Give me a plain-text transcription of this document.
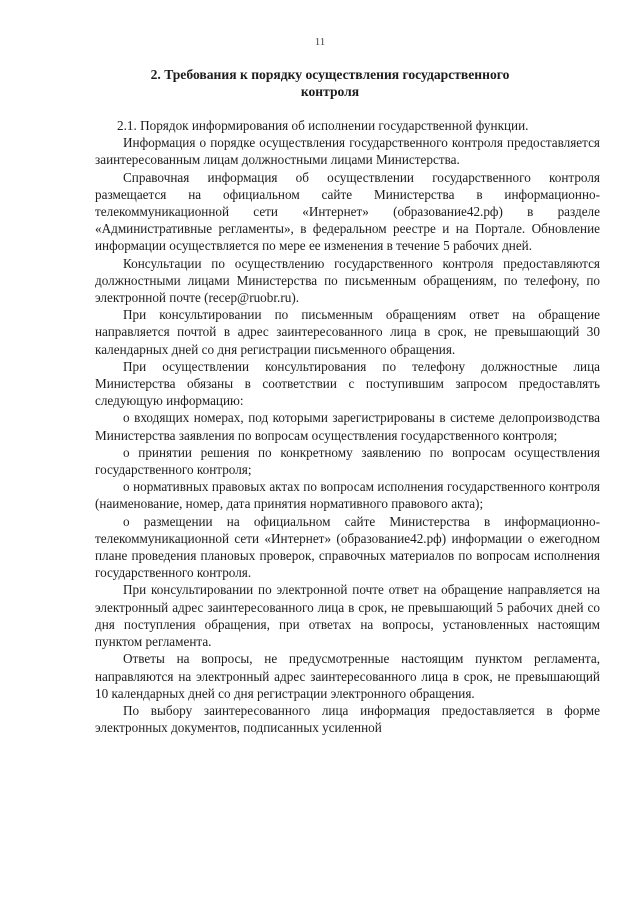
11
2. Требования к порядку осуществления государственного контроля

2.1. Порядок информирования об исполнении государственной функции.

Информация о порядке осуществления государственного контроля предоставляется заинтересованным лицам должностными лицами Министерства.

Справочная информация об осуществлении государственного контроля размещается на официальном сайте Министерства в информационно-телекоммуникационной сети «Интернет» (образование42.рф) в разделе «Административные регламенты», в федеральном реестре и на Портале. Обновление информации осуществляется по мере ее изменения в течение 5 рабочих дней.

Консультации по осуществлению государственного контроля предоставляются должностными лицами Министерства по письменным обращениям, по телефону, по электронной почте (recep@ruobr.ru).

При консультировании по письменным обращениям ответ на обращение направляется почтой в адрес заинтересованного лица в срок, не превышающий 30 календарных дней со дня регистрации письменного обращения.

При осуществлении консультирования по телефону должностные лица Министерства обязаны в соответствии с поступившим запросом предоставлять следующую информацию:

о входящих номерах, под которыми зарегистрированы в системе делопроизводства Министерства заявления по вопросам осуществления государственного контроля;

о принятии решения по конкретному заявлению по вопросам осуществления государственного контроля;

о нормативных правовых актах по вопросам исполнения государственного контроля (наименование, номер, дата принятия нормативного правового акта);

о размещении на официальном сайте Министерства в информационно-телекоммуникационной сети «Интернет» (образование42.рф) информации о ежегодном плане проведения плановых проверок, справочных материалов по вопросам исполнения государственного контроля.

При консультировании по электронной почте ответ на обращение направляется на электронный адрес заинтересованного лица в срок, не превышающий 5 рабочих дней со дня поступления обращения, при ответах на вопросы, установленных настоящим пунктом регламента.

Ответы на вопросы, не предусмотренные настоящим пунктом регламента, направляются на электронный адрес заинтересованного лица в срок, не превышающий 10 календарных дней со дня регистрации электронного обращения.

По выбору заинтересованного лица информация предоставляется в форме электронных документов, подписанных усиленной
